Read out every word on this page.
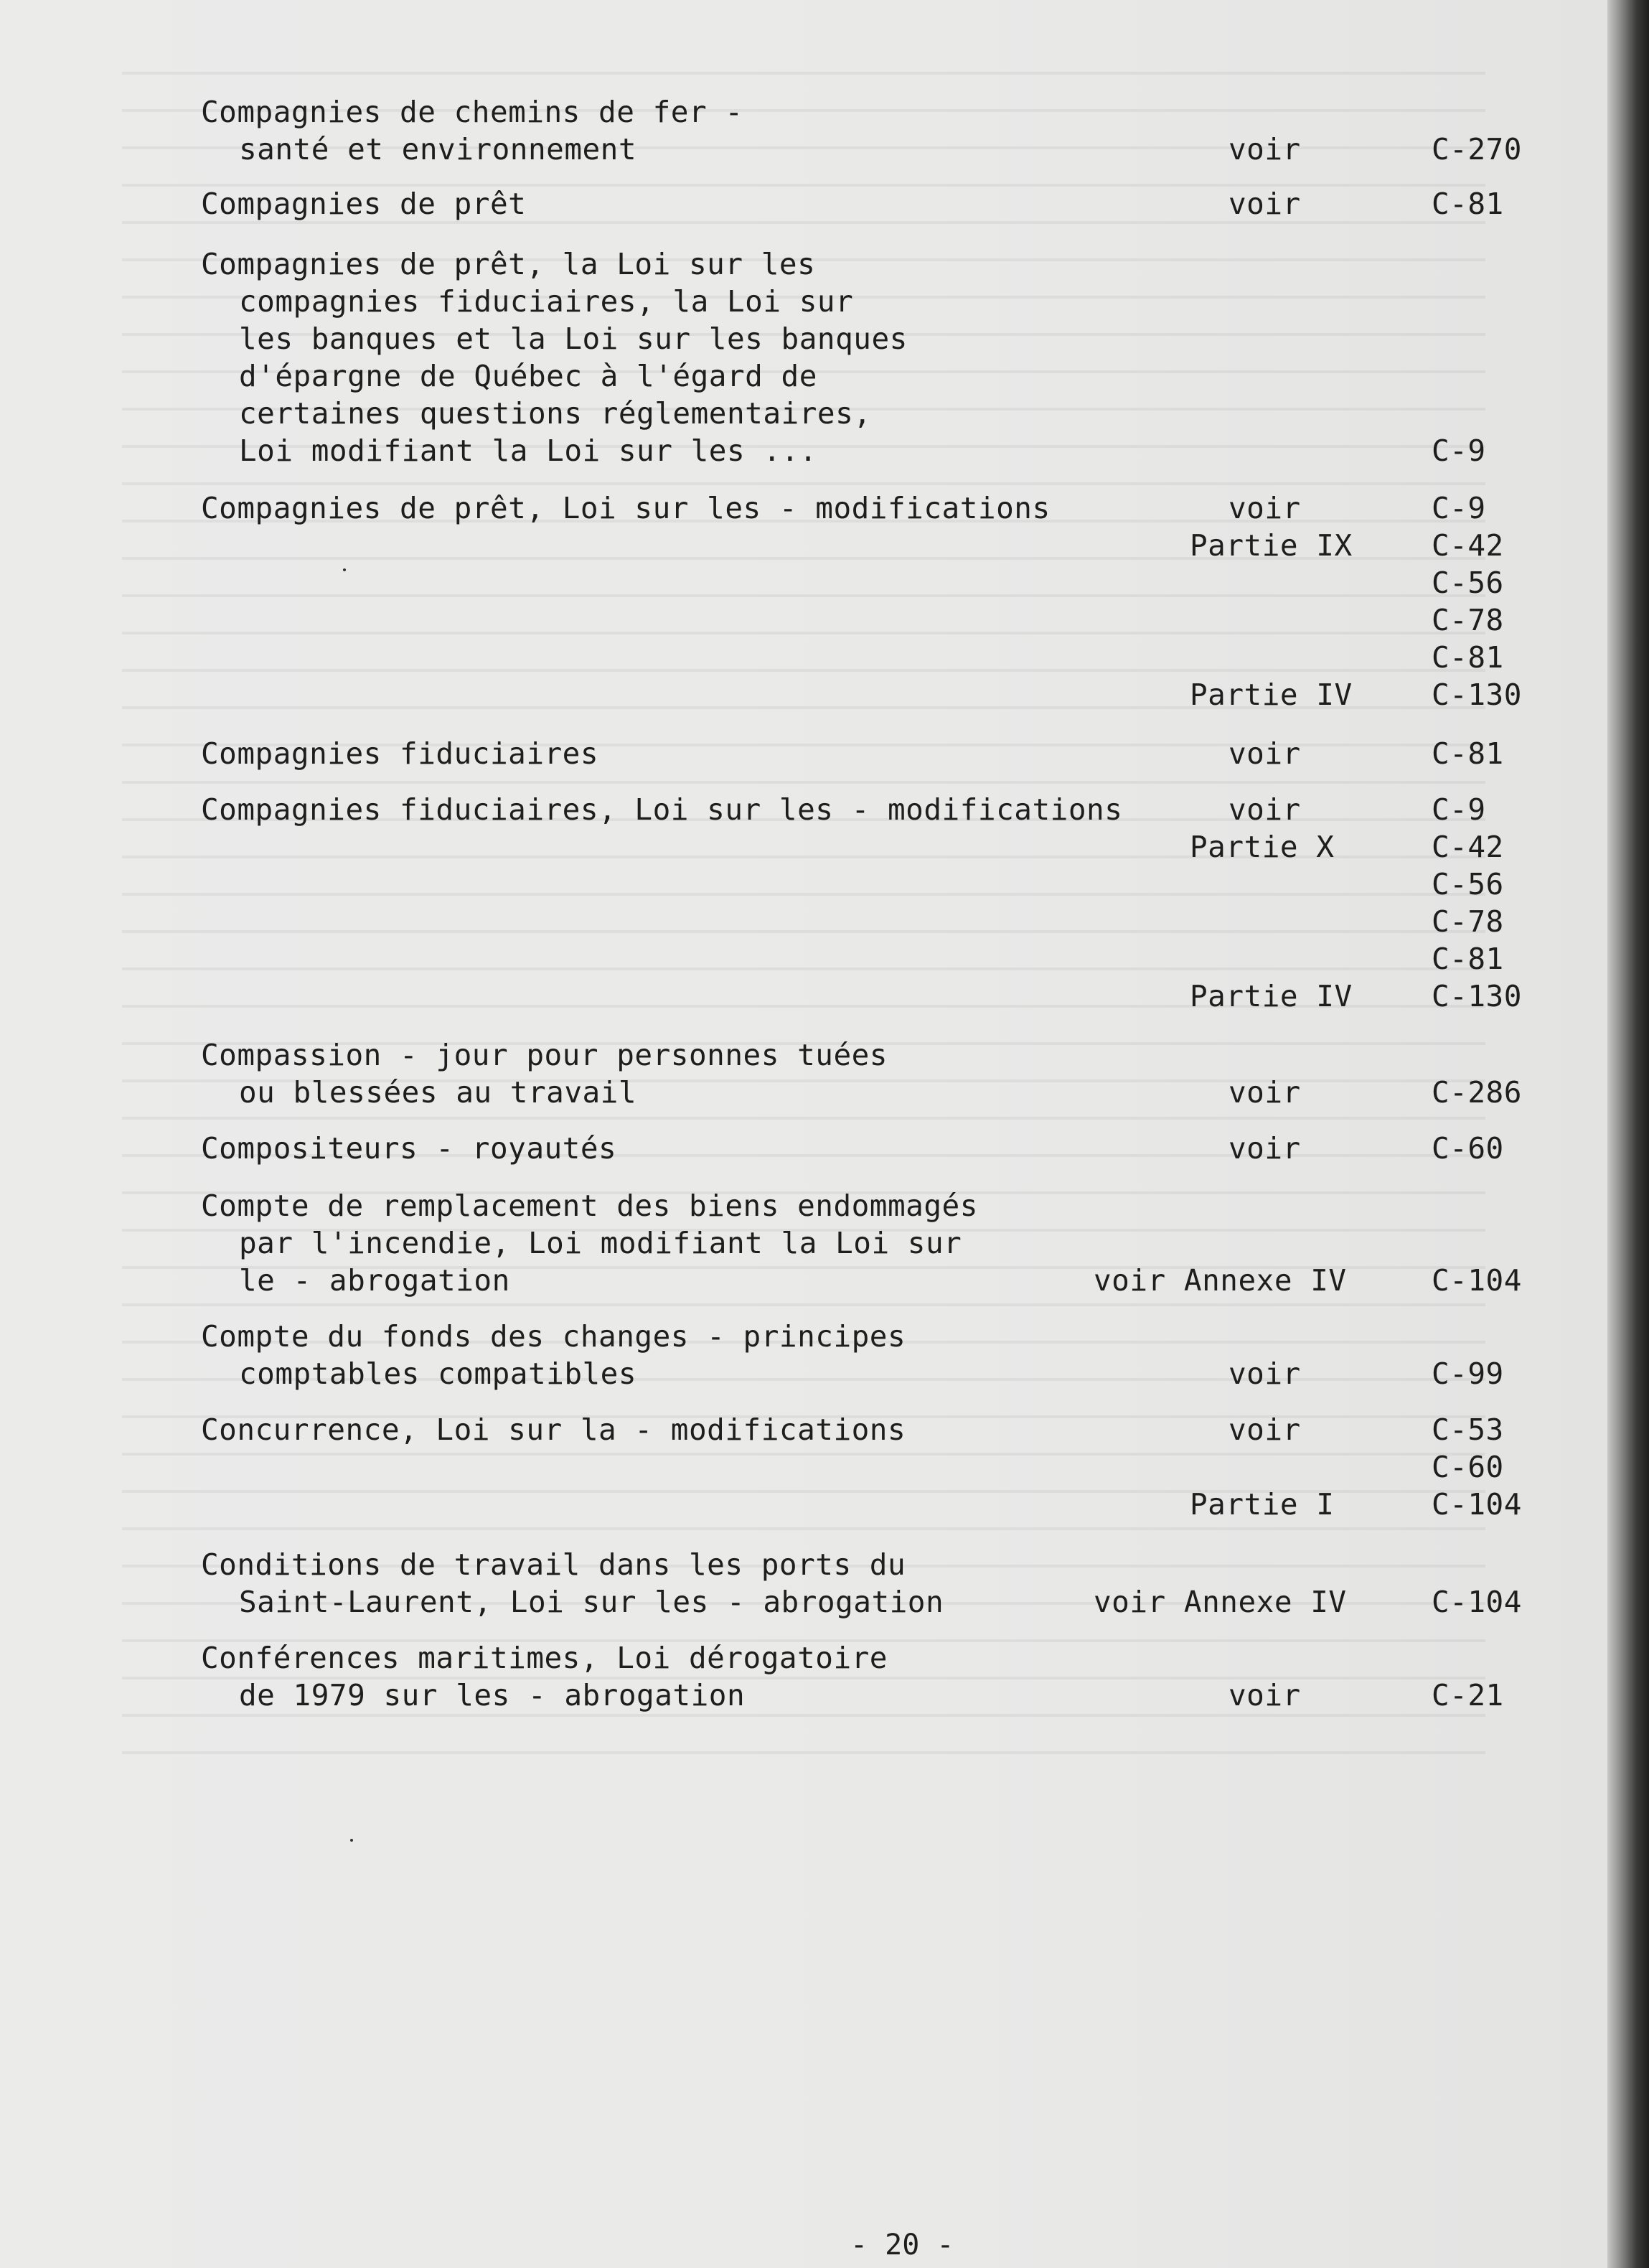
Compagnies de chemins de fer -
santé et environnement	voir	C-270
Compagnies de prêt	voir	C-81
Compagnies de prêt, la Loi sur les
compagnies fiduciaires, la Loi sur
les banques et la Loi sur les banques
d'épargne de Québec à l'égard de
certaines questions réglementaires,
Loi modifiant la Loi sur les ...	C-9
Compagnies de prêt, Loi sur les - modifications	voir	C-9
Partie IX	C-42
C-56
C-78
C-81
Partie IV	C-130
Compagnies fiduciaires	voir	C-81
Compagnies fiduciaires, Loi sur les - modifications	voir	C-9
Partie X	C-42
C-56
C-78
C-81
Partie IV	C-130
Compassion - jour pour personnes tuées
ou blessées au travail	voir	C-286
Compositeurs - royautés	voir	C-60
Compte de remplacement des biens endommagés
par l'incendie, Loi modifiant la Loi sur
le - abrogation	voir Annexe IV	C-104
Compte du fonds des changes - principes
comptables compatibles	voir	C-99
Concurrence, Loi sur la - modifications	voir	C-53
C-60
Partie I	C-104
Conditions de travail dans les ports du
Saint-Laurent, Loi sur les - abrogation	voir Annexe IV	C-104
Conférences maritimes, Loi dérogatoire
de 1979 sur les - abrogation	voir	C-21
- 20 -
